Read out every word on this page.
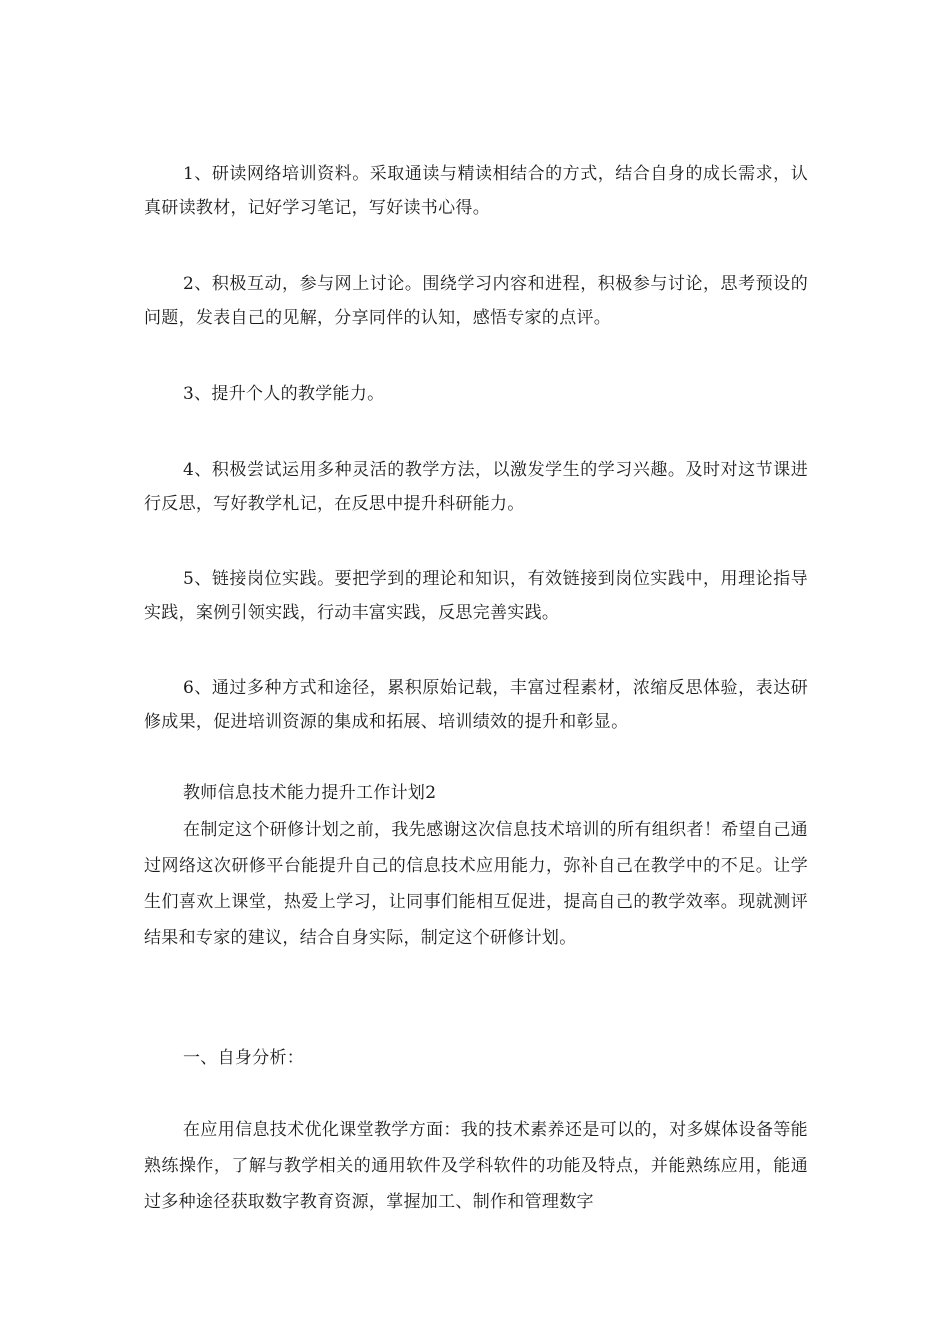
1、研读网络培训资料。采取通读与精读相结合的方式，结合自身的成长需求，认真研读教材，记好学习笔记，写好读书心得。

2、积极互动，参与网上讨论。围绕学习内容和进程，积极参与讨论，思考预设的问题，发表自己的见解，分享同伴的认知，感悟专家的点评。

3、提升个人的教学能力。

4、积极尝试运用多种灵活的教学方法，以激发学生的学习兴趣。及时对这节课进行反思，写好教学札记，在反思中提升科研能力。

5、链接岗位实践。要把学到的理论和知识，有效链接到岗位实践中，用理论指导实践，案例引领实践，行动丰富实践，反思完善实践。

6、通过多种方式和途径，累积原始记载，丰富过程素材，浓缩反思体验，表达研修成果，促进培训资源的集成和拓展、培训绩效的提升和彰显。

教师信息技术能力提升工作计划2

在制定这个研修计划之前，我先感谢这次信息技术培训的所有组织者！希望自己通过网络这次研修平台能提升自己的信息技术应用能力，弥补自己在教学中的不足。让学生们喜欢上课堂，热爱上学习，让同事们能相互促进，提高自己的教学效率。现就测评结果和专家的建议，结合自身实际，制定这个研修计划。

一、自身分析：

在应用信息技术优化课堂教学方面：我的技术素养还是可以的，对多媒体设备等能熟练操作，了解与教学相关的通用软件及学科软件的功能及特点，并能熟练应用，能通过多种途径获取数字教育资源，掌握加工、制作和管理数字
